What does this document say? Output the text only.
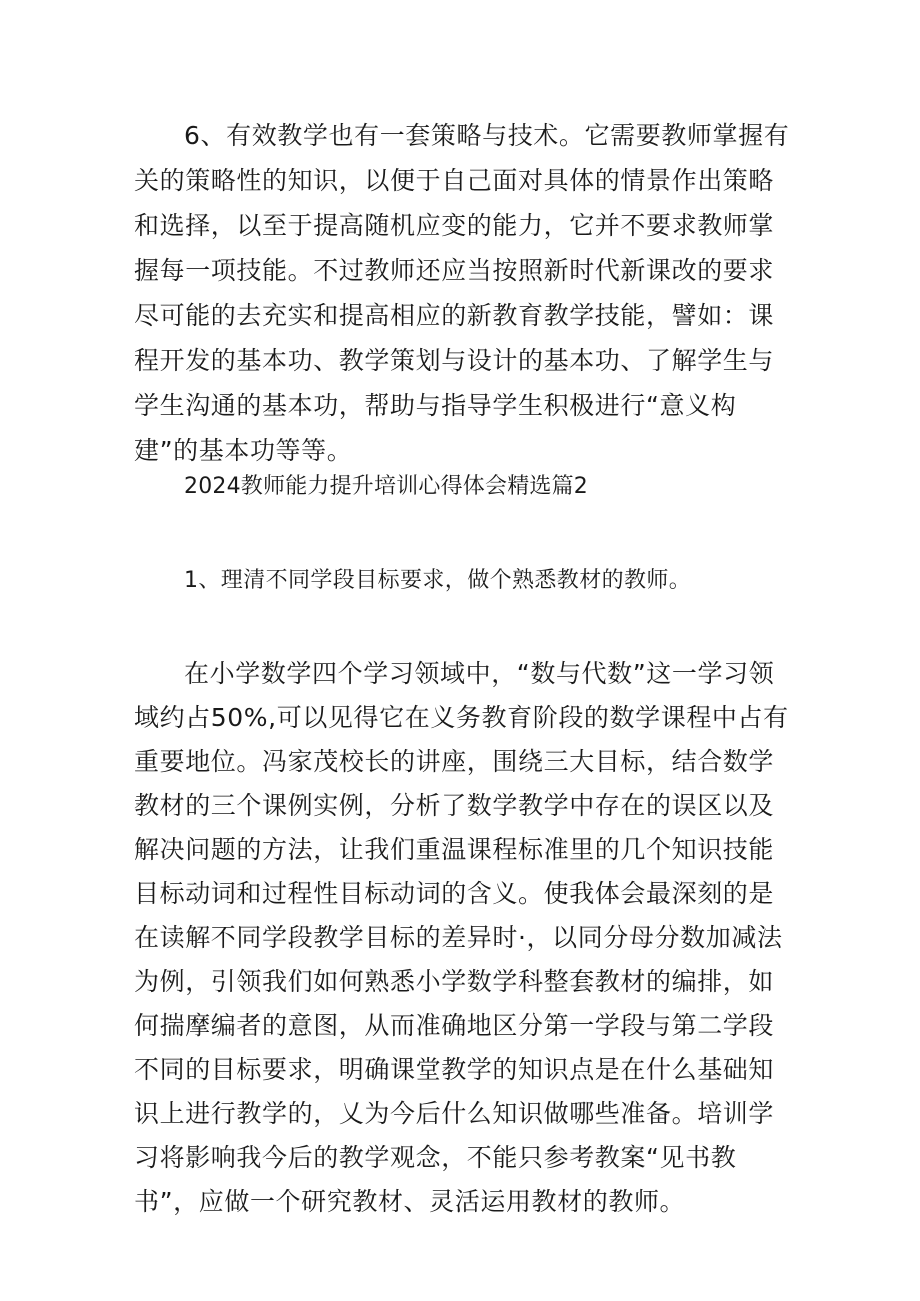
6、有效教学也有一套策略与技术。它需要教师掌握有关的策略性的知识，以便于自己面对具体的情景作出策略和选择，以至于提高随机应变的能力，它并不要求教师掌握每一项技能。不过教师还应当按照新时代新课改的要求尽可能的去充实和提高相应的新教育教学技能，譬如：课程开发的基本功、教学策划与设计的基本功、了解学生与学生沟通的基本功，帮助与指导学生积极进行“意义构建”的基本功等等。

2024教师能力提升培训心得体会精选篇2
1、理清不同学段目标要求，做个熟悉教材的教师。

在小学数学四个学习领域中，“数与代数”这一学习领域约占50%,可以见得它在义务教育阶段的数学课程中占有重要地位。冯家茂校长的讲座，围绕三大目标，结合数学教材的三个课例实例，分析了数学教学中存在的误区以及解决问题的方法，让我们重温课程标准里的几个知识技能目标动词和过程性目标动词的含义。使我体会最深刻的是在读解不同学段教学目标的差异时·，以同分母分数加减法为例，引领我们如何熟悉小学数学科整套教材的编排，如何揣摩编者的意图，从而准确地区分第一学段与第二学段不同的目标要求，明确课堂教学的知识点是在什么基础知识上进行教学的，乂为今后什么知识做哪些准备。培训学习将影响我今后的教学观念，不能只参考教案“见书教书”，应做一个研究教材、灵活运用教材的教师。
